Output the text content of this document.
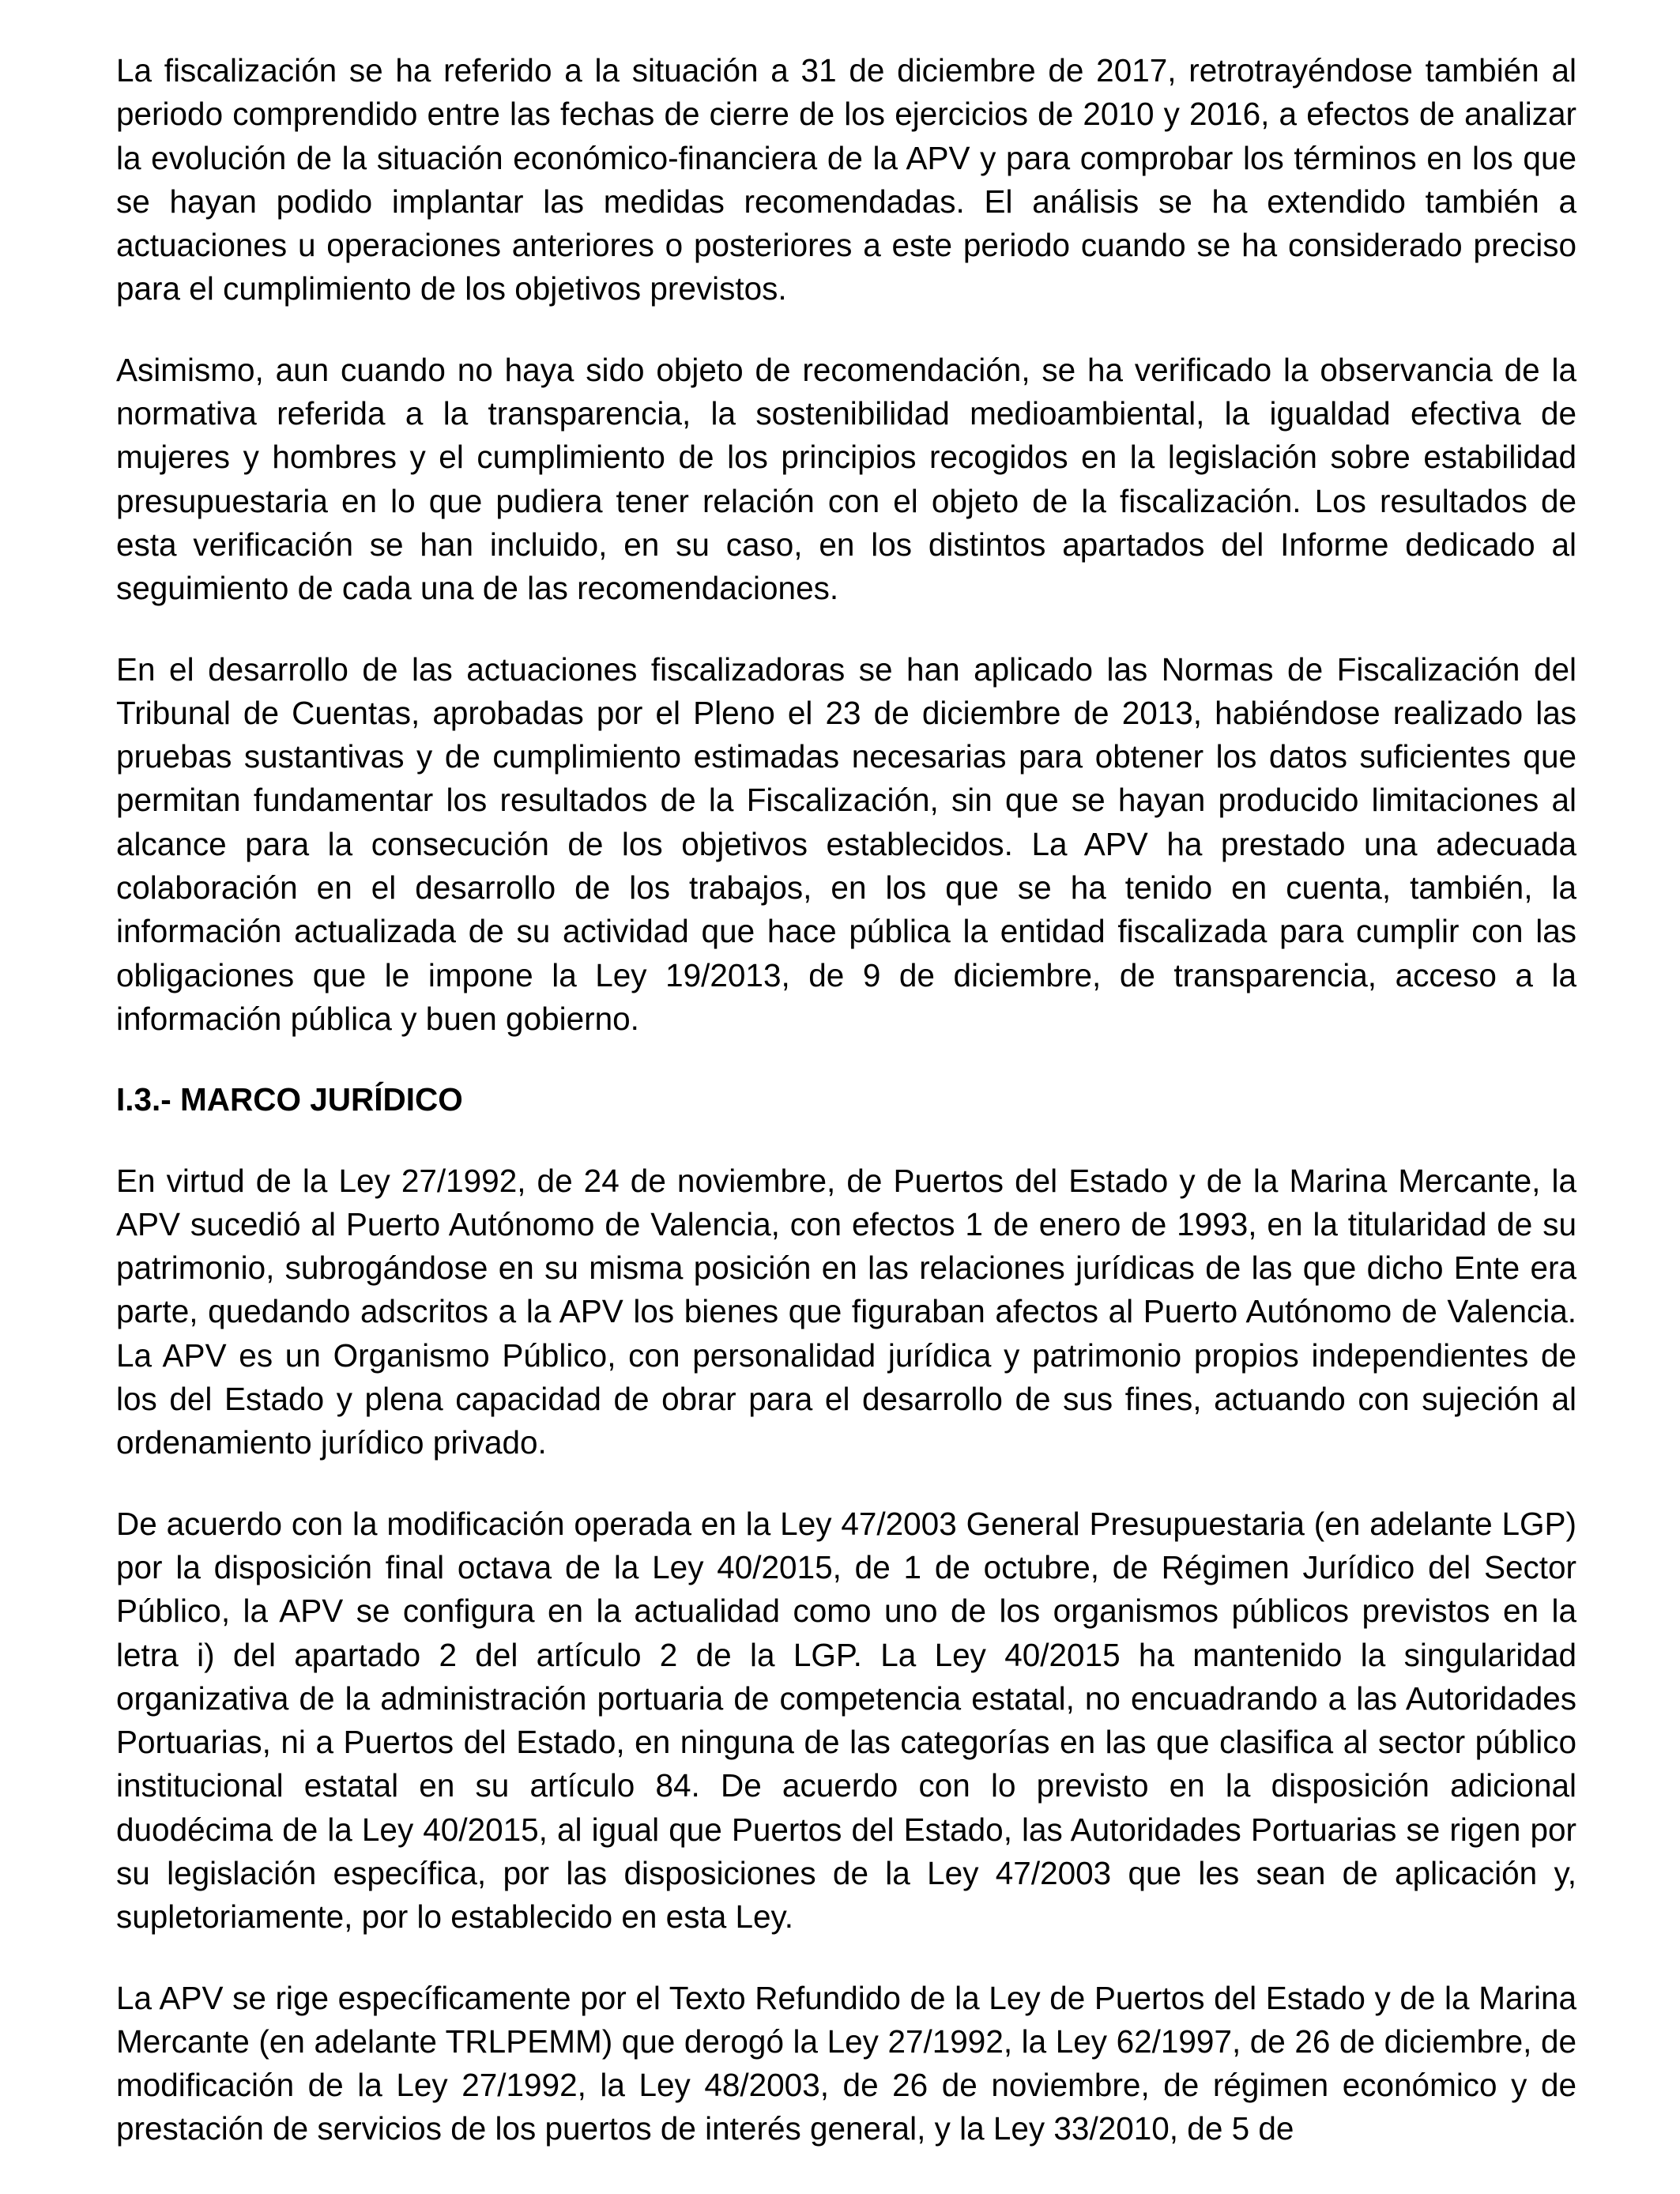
La fiscalización se ha referido a la situación a 31 de diciembre de 2017, retrotrayéndose también al periodo comprendido entre las fechas de cierre de los ejercicios de 2010 y 2016, a efectos de analizar la evolución de la situación económico-financiera de la APV y para comprobar los términos en los que se hayan podido implantar las medidas recomendadas. El análisis se ha extendido también a actuaciones u operaciones anteriores o posteriores a este periodo cuando se ha considerado preciso para el cumplimiento de los objetivos previstos.

Asimismo, aun cuando no haya sido objeto de recomendación, se ha verificado la observancia de la normativa referida a la transparencia, la sostenibilidad medioambiental, la igualdad efectiva de mujeres y hombres y el cumplimiento de los principios recogidos en la legislación sobre estabilidad presupuestaria en lo que pudiera tener relación con el objeto de la fiscalización. Los resultados de esta verificación se han incluido, en su caso, en los distintos apartados del Informe dedicado al seguimiento de cada una de las recomendaciones.

En el desarrollo de las actuaciones fiscalizadoras se han aplicado las Normas de Fiscalización del Tribunal de Cuentas, aprobadas por el Pleno el 23 de diciembre de 2013, habiéndose realizado las pruebas sustantivas y de cumplimiento estimadas necesarias para obtener los datos suficientes que permitan fundamentar los resultados de la Fiscalización, sin que se hayan producido limitaciones al alcance para la consecución de los objetivos establecidos. La APV ha prestado una adecuada colaboración en el desarrollo de los trabajos, en los que se ha tenido en cuenta, también, la información actualizada de su actividad que hace pública la entidad fiscalizada para cumplir con las obligaciones que le impone la Ley 19/2013, de 9 de diciembre, de transparencia, acceso a la información pública y buen gobierno.

I.3.- MARCO JURÍDICO

En virtud de la Ley 27/1992, de 24 de noviembre, de Puertos del Estado y de la Marina Mercante, la APV sucedió al Puerto Autónomo de Valencia, con efectos 1 de enero de 1993, en la titularidad de su patrimonio, subrogándose en su misma posición en las relaciones jurídicas de las que dicho Ente era parte, quedando adscritos a la APV los bienes que figuraban afectos al Puerto Autónomo de Valencia. La APV es un Organismo Público, con personalidad jurídica y patrimonio propios independientes de los del Estado y plena capacidad de obrar para el desarrollo de sus fines, actuando con sujeción al ordenamiento jurídico privado.

De acuerdo con la modificación operada en la Ley 47/2003 General Presupuestaria (en adelante LGP) por la disposición final octava de la Ley 40/2015, de 1 de octubre, de Régimen Jurídico del Sector Público, la APV se configura en la actualidad como uno de los organismos públicos previstos en la letra i) del apartado 2 del artículo 2 de la LGP. La Ley 40/2015 ha mantenido la singularidad organizativa de la administración portuaria de competencia estatal, no encuadrando a las Autoridades Portuarias, ni a Puertos del Estado, en ninguna de las categorías en las que clasifica al sector público institucional estatal en su artículo 84. De acuerdo con lo previsto en la disposición adicional duodécima de la Ley 40/2015, al igual que Puertos del Estado, las Autoridades Portuarias se rigen por su legislación específica, por las disposiciones de la Ley 47/2003 que les sean de aplicación y, supletoriamente, por lo establecido en esta Ley.

La APV se rige específicamente por el Texto Refundido de la Ley de Puertos del Estado y de la Marina Mercante (en adelante TRLPEMM) que derogó la Ley 27/1992, la Ley 62/1997, de 26 de diciembre, de modificación de la Ley 27/1992, la Ley 48/2003, de 26 de noviembre, de régimen económico y de prestación de servicios de los puertos de interés general, y la Ley 33/2010, de 5 de
